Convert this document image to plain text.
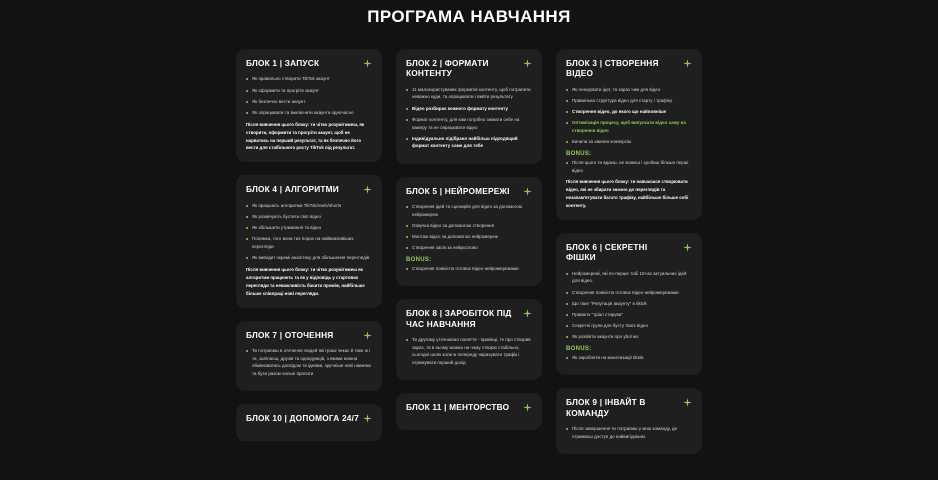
ПРОГРАМА НАВЧАННЯ
БЛОК 1 | ЗАПУСК
Як правильно створити TikTok акаунт
Як оформити та прогріти акаунт
Як безпечно вести акаунт
Як опрацювати та виключити акаунта одночасно

Після вивчення цього блоку: ти чітко розумітимеш, як створити, оформити та прогріти акаунт, щоб не нарватись на перший результат, та як безпечно його вести для стабільного росту TikTok під результат.

БЛОК 4 | АЛГОРИТМИ
Як працюють алгоритми TikTok/reels/shorts
Як розмічують бустити свої відео
Як збільшити утримання та відео
Поламка, того вона тих порах на найважливіших перегляди
Як виводит окремі аналітику для збільшення переглядів

Після вивчення цього блоку: ти чітко розумітимеш як алгоритми працюють та як у відповідь у стартових перегляди та неважливість бачити проміж, найбільше більше співпраці нові перегляди.

БЛОК 7 | ОТОЧЕННЯ
Ти потрапиш в оточення людей які гроші чекає й таке ж і ти, заліпаєш, друзів та однодумців, з якими можна обмінюватись досвідом та ідеями, зручніше нові навички та бути разом сильні просити
БЛОК 10 | ДОПОМОГА 24/7
БЛОК 2 | ФОРМАТИ КОНТЕНТУ
11 малокористуваних форматів контенту, щоб потрапити неважно куди, та опрацювати і вийти результату
Відео розбирає кожного формату контенту
Формат контенту, для кам потрібно знімати себе на камеру та не опрацювати відео
Індивідуально підібрано найбільш підходящий формат контенту саме для тебе
БЛОК 5 | НЕЙРОМЕРЕЖІ
Створення ідей та сценаріїв для відео за допомогою нейромереж
Озвучка відео за допомогою створення
Монтаж відео за допомогою нейромереж
Створення засів за нейрослово
BONUS:
Створення повністю готових відео нейромережами
БЛОК 8 | ЗАРОБІТОК ПІД ЧАС НАВЧАННЯ
Ти другому уточнюємо поняття - прикінці, те про створив зараз, та в ньому можна на чому створю стабільно, сьогодні шлях коли ж попереду нарахувати трафік і отримувати перший дохід
БЛОК 11 | МЕНТОРСТВО
БЛОК 3 | СТВОРЕННЯ ВІДЕО
Як генерувати ідеї, та зараз чим для відео
Правильна структура відео для старту і трафіку
Створення відео, до якого що найповніше
Оптимізація процесу, щоб випускати відео саму на створення відео
Бачили за хвилин конверсію
BONUS:
Після цього ти вдаєш, не можеш і зробиш більше перші відео

Після вивчення цього блоку: ти навчаєшся створювати відео, які не збирати значно до переглядів та незапам'ятувати багато трафіку, найбільше більше собі контенту.

БЛОК 6 | СЕКРЕТНІ ФІШКИ
Нейромережі, які по-перше тобі 10+ах актуальних ідей для відео.
Створення повністю готових відео нейромережами
Що таке "Репутація акаунту" в tiktok
Правило "тріал старува"
Секретні групи для бусту твоїх відео
Як розвіяти акаунти про ybol мо
BONUS:
Як заробляти на монетизації tiktok
БЛОК 9 | ІНВАЙТ В КОМАНДУ
Після завершення ти потрапиш у мою команду, де отримаєш доступ до найвигідніших
